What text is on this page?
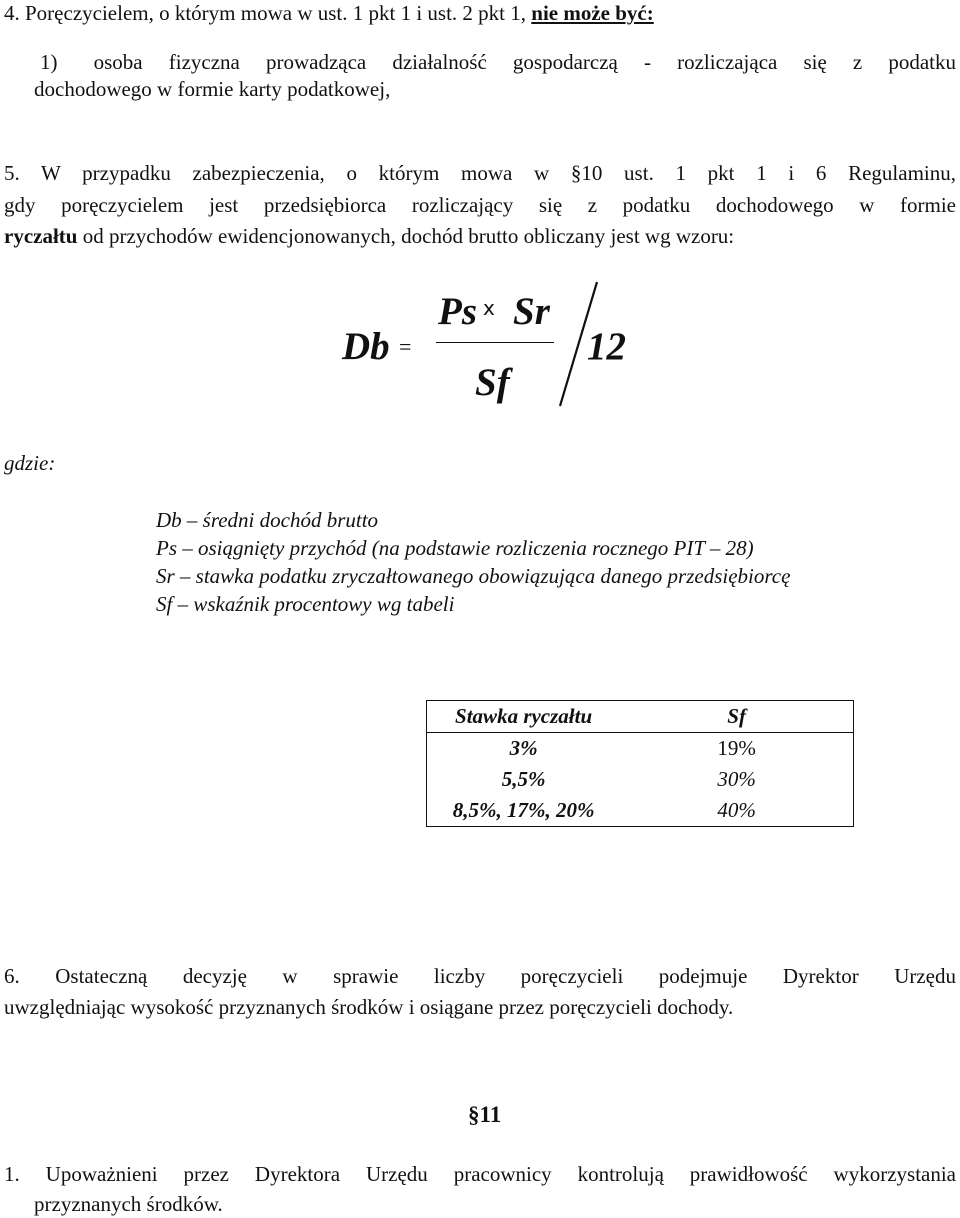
4. Poręczycielem, o którym mowa w ust. 1 pkt 1 i ust. 2 pkt 1, nie może być:
1) osoba fizyczna prowadząca działalność gospodarczą - rozliczająca się z podatku
dochodowego w formie karty podatkowej,
5. W przypadku zabezpieczenia, o którym mowa w §10 ust. 1 pkt 1 i 6 Regulaminu,
gdy poręczycielem jest przedsiębiorca rozliczający się z podatku dochodowego w formie
ryczałtu od przychodów ewidencjonowanych, dochód brutto obliczany jest wg wzoru:
Db =
Ps x Sr
Sf
12
gdzie:
Db – średni dochód brutto
Ps – osiągnięty przychód (na podstawie rozliczenia rocznego PIT – 28)
Sr – stawka podatku zryczałtowanego obowiązująca danego przedsiębiorcę
Sf – wskaźnik procentowy wg tabeli
Stawka ryczałtu	Sf
3%	19%
5,5%	30%
8,5%, 17%, 20%	40%
6. Ostateczną decyzję w sprawie liczby poręczycieli podejmuje Dyrektor Urzędu
uwzględniając wysokość przyznanych środków i osiągane przez poręczycieli dochody.
§11
1. Upoważnieni przez Dyrektora Urzędu pracownicy kontrolują prawidłowość wykorzystania
przyznanych środków.
